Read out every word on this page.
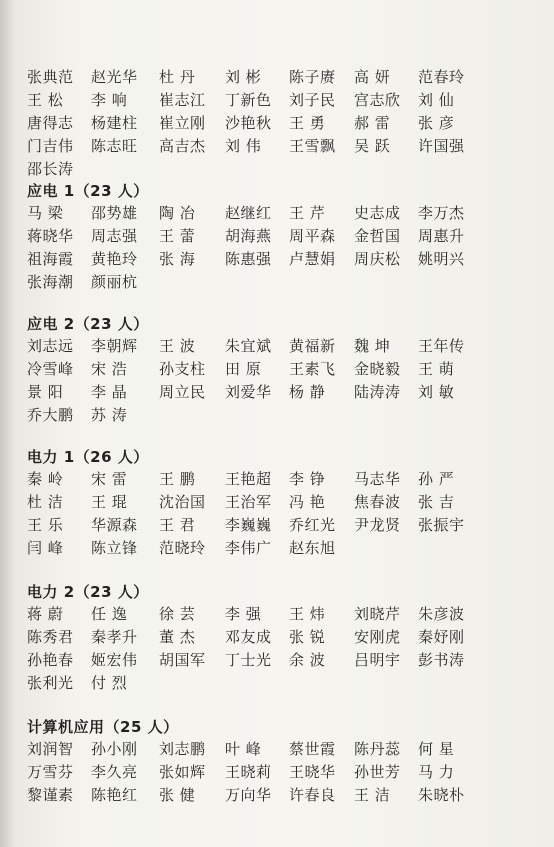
张典范 赵光华 杜 丹 刘 彬 陈子赓 高 妍 范春玲
王 松 李 响 崔志江 丁新色 刘子民 宫志欣 刘 仙
唐得志 杨建柱 崔立刚 沙艳秋 王 勇 郝 雷 张 彦
门吉伟 陈志旺 高吉杰 刘 伟 王雪飘 吴 跃 许国强
邵长涛
应电 1（23 人）
马 梁 邵势雄 陶 冶 赵继红 王 芹 史志成 李万杰
蒋晓华 周志强 王 蕾 胡海燕 周平森 金哲国 周惠升
祖海霞 黄艳玲 张 海 陈惠强 卢慧娟 周庆松 姚明兴
张海潮 颜丽杭
应电 2（23 人）
刘志远 李朝辉 王 波 朱宜斌 黄福新 魏 坤 王年传
冷雪峰 宋 浩 孙支柱 田 原 王素飞 金晓毅 王 萌
景 阳 李 晶 周立民 刘爱华 杨 静 陆涛涛 刘 敏
乔大鹏 苏 涛
电力 1（26 人）
秦 岭 宋 雷 王 鹏 王艳超 李 铮 马志华 孙 严
杜 洁 王 琨 沈治国 王治军 冯 艳 焦春波 张 吉
王 乐 华源森 王 君 李巍巍 乔红光 尹龙贤 张振宇
闫 峰 陈立锋 范晓玲 李伟广 赵东旭
电力 2（23 人）
蒋 蔚 任 逸 徐 芸 李 强 王 炜 刘晓芹 朱彦波
陈秀君 秦孝升 董 杰 邓友成 张 锐 安刚虎 秦妤刚
孙艳春 姬宏伟 胡国军 丁士光 余 波 吕明宇 彭书涛
张利光 付 烈
计算机应用（25 人）
刘润智 孙小刚 刘志鹏 叶 峰 蔡世霞 陈丹蕊 何 星
万雪芬 李久亮 张如辉 王晓莉 王晓华 孙世芳 马 力
黎谨素 陈艳红 张 健 万向华 许春良 王 洁 朱晓朴
